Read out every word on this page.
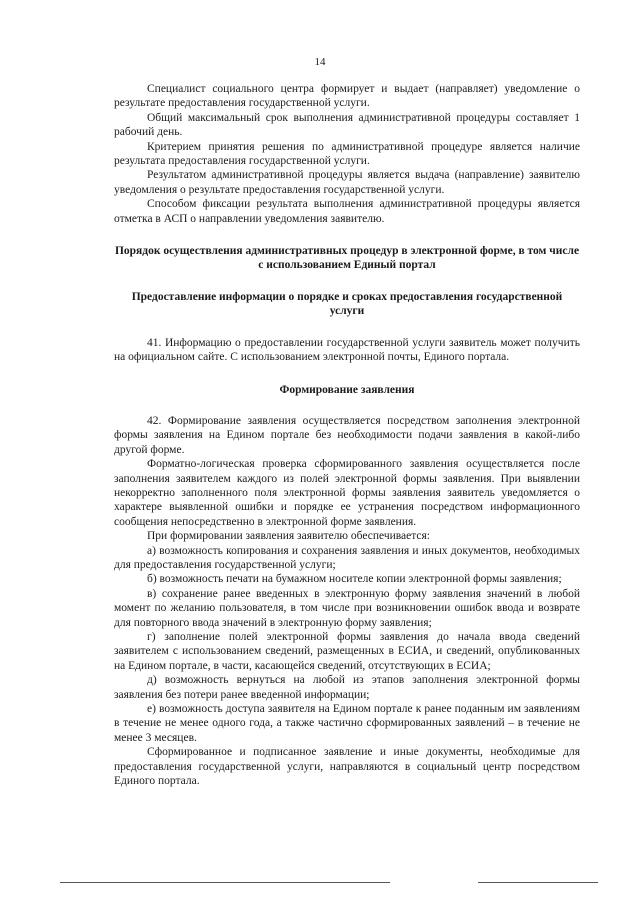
14

Специалист социального центра формирует и выдает (направляет) уведомление о результате предоставления государственной услуги.

Общий максимальный срок выполнения административной процедуры составляет 1 рабочий день.

Критерием принятия решения по административной процедуре является наличие результата предоставления государственной услуги.

Результатом административной процедуры является выдача (направление) заявителю уведомления о результате предоставления государственной услуги.

Способом фиксации результата выполнения административной процедуры является отметка в АСП о направлении уведомления заявителю.

Порядок осуществления административных процедур в электронной форме, в том числе с использованием Единый портал
Предоставление информации о порядке и сроках предоставления государственной услуги

41. Информацию о предоставлении государственной услуги заявитель может получить на официальном сайте. С использованием электронной почты, Единого портала.

Формирование заявления

42. Формирование заявления осуществляется посредством заполнения электронной формы заявления на Едином портале без необходимости подачи заявления в какой-либо другой форме.

Форматно-логическая проверка сформированного заявления осуществляется после заполнения заявителем каждого из полей электронной формы заявления. При выявлении некорректно заполненного поля электронной формы заявления заявитель уведомляется о характере выявленной ошибки и порядке ее устранения посредством информационного сообщения непосредственно в электронной форме заявления.

При формировании заявления заявителю обеспечивается:

а) возможность копирования и сохранения заявления и иных документов, необходимых для предоставления государственной услуги;

б) возможность печати на бумажном носителе копии электронной формы заявления;

в) сохранение ранее введенных в электронную форму заявления значений в любой момент по желанию пользователя, в том числе при возникновении ошибок ввода и возврате для повторного ввода значений в электронную форму заявления;

г) заполнение полей электронной формы заявления до начала ввода сведений заявителем с использованием сведений, размещенных в ЕСИА, и сведений, опубликованных на Едином портале, в части, касающейся сведений, отсутствующих в ЕСИА;

д) возможность вернуться на любой из этапов заполнения электронной формы заявления без потери ранее введенной информации;

е) возможность доступа заявителя на Едином портале к ранее поданным им заявлениям в течение не менее одного года, а также частично сформированных заявлений – в течение не менее 3 месяцев.

Сформированное и подписанное заявление и иные документы, необходимые для предоставления государственной услуги, направляются в социальный центр посредством Единого портала.
